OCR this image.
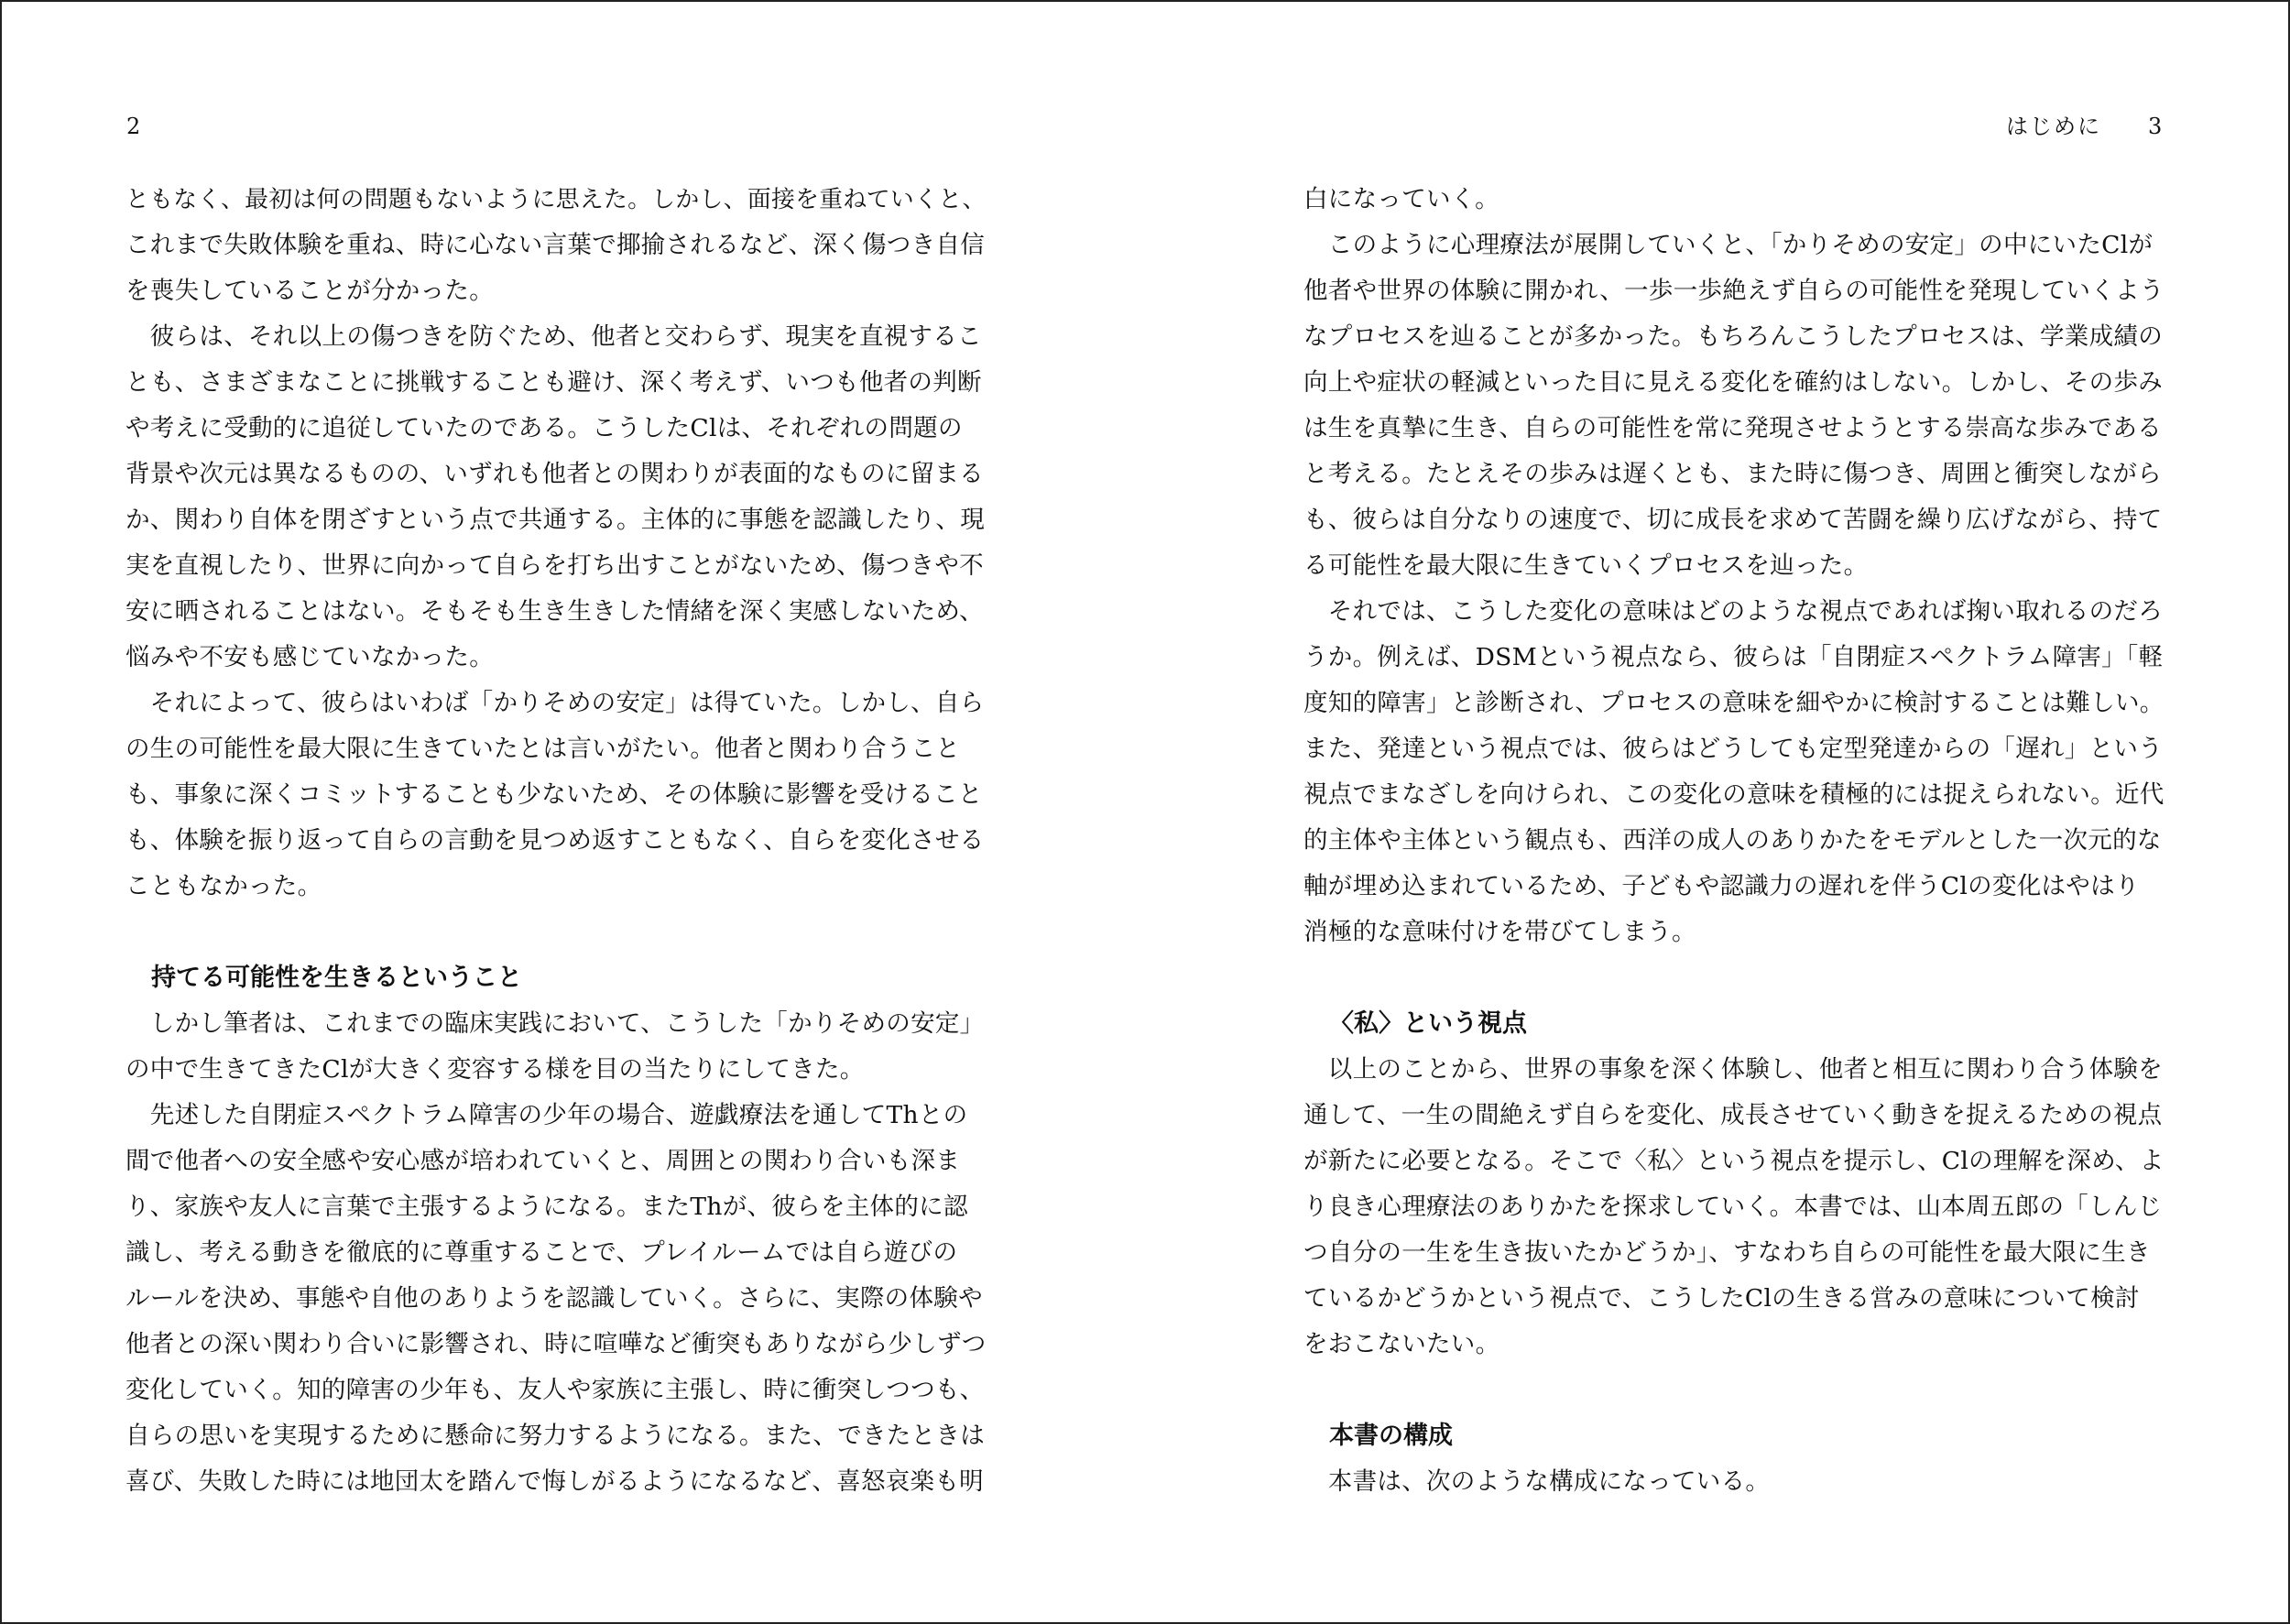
2
ともなく、最初は何の問題もないように思えた。しかし、面接を重ねていくと、
これまで失敗体験を重ね、時に心ない言葉で揶揄されるなど、深く傷つき自信
を喪失していることが分かった。
　彼らは、それ以上の傷つきを防ぐため、他者と交わらず、現実を直視するこ
とも、さまざまなことに挑戦することも避け、深く考えず、いつも他者の判断
や考えに受動的に追従していたのである。こうしたClは、それぞれの問題の
背景や次元は異なるものの、いずれも他者との関わりが表面的なものに留まる
か、関わり自体を閉ざすという点で共通する。主体的に事態を認識したり、現
実を直視したり、世界に向かって自らを打ち出すことがないため、傷つきや不
安に晒されることはない。そもそも生き生きした情緒を深く実感しないため、
悩みや不安も感じていなかった。
　それによって、彼らはいわば「かりそめの安定」は得ていた。しかし、自ら
の生の可能性を最大限に生きていたとは言いがたい。他者と関わり合うこと
も、事象に深くコミットすることも少ないため、その体験に影響を受けること
も、体験を振り返って自らの言動を見つめ返すこともなく、自らを変化させる
こともなかった。
持てる可能性を生きるということ
　しかし筆者は、これまでの臨床実践において、こうした「かりそめの安定」
の中で生きてきたClが大きく変容する様を目の当たりにしてきた。
　先述した自閉症スペクトラム障害の少年の場合、遊戯療法を通してThとの
間で他者への安全感や安心感が培われていくと、周囲との関わり合いも深ま
り、家族や友人に言葉で主張するようになる。またThが、彼らを主体的に認
識し、考える動きを徹底的に尊重することで、プレイルームでは自ら遊びの
ルールを決め、事態や自他のありようを認識していく。さらに、実際の体験や
他者との深い関わり合いに影響され、時に喧嘩など衝突もありながら少しずつ
変化していく。知的障害の少年も、友人や家族に主張し、時に衝突しつつも、
自らの思いを実現するために懸命に努力するようになる。また、できたときは
喜び、失敗した時には地団太を踏んで悔しがるようになるなど、喜怒哀楽も明
はじめに 3
白になっていく。
　このように心理療法が展開していくと、「かりそめの安定」の中にいたClが
他者や世界の体験に開かれ、一歩一歩絶えず自らの可能性を発現していくよう
なプロセスを辿ることが多かった。もちろんこうしたプロセスは、学業成績の
向上や症状の軽減といった目に見える変化を確約はしない。しかし、その歩み
は生を真摯に生き、自らの可能性を常に発現させようとする崇高な歩みである
と考える。たとえその歩みは遅くとも、また時に傷つき、周囲と衝突しながら
も、彼らは自分なりの速度で、切に成長を求めて苦闘を繰り広げながら、持て
る可能性を最大限に生きていくプロセスを辿った。
　それでは、こうした変化の意味はどのような視点であれば掬い取れるのだろ
うか。例えば、DSMという視点なら、彼らは「自閉症スペクトラム障害」「軽
度知的障害」と診断され、プロセスの意味を細やかに検討することは難しい。
また、発達という視点では、彼らはどうしても定型発達からの「遅れ」という
視点でまなざしを向けられ、この変化の意味を積極的には捉えられない。近代
的主体や主体という観点も、西洋の成人のありかたをモデルとした一次元的な
軸が埋め込まれているため、子どもや認識力の遅れを伴うClの変化はやはり
消極的な意味付けを帯びてしまう。
〈私〉という視点
　以上のことから、世界の事象を深く体験し、他者と相互に関わり合う体験を
通して、一生の間絶えず自らを変化、成長させていく動きを捉えるための視点
が新たに必要となる。そこで〈私〉という視点を提示し、Clの理解を深め、よ
り良き心理療法のありかたを探求していく。本書では、山本周五郎の「しんじ
つ自分の一生を生き抜いたかどうか」、すなわち自らの可能性を最大限に生き
ているかどうかという視点で、こうしたClの生きる営みの意味について検討
をおこないたい。
本書の構成
　本書は、次のような構成になっている。
